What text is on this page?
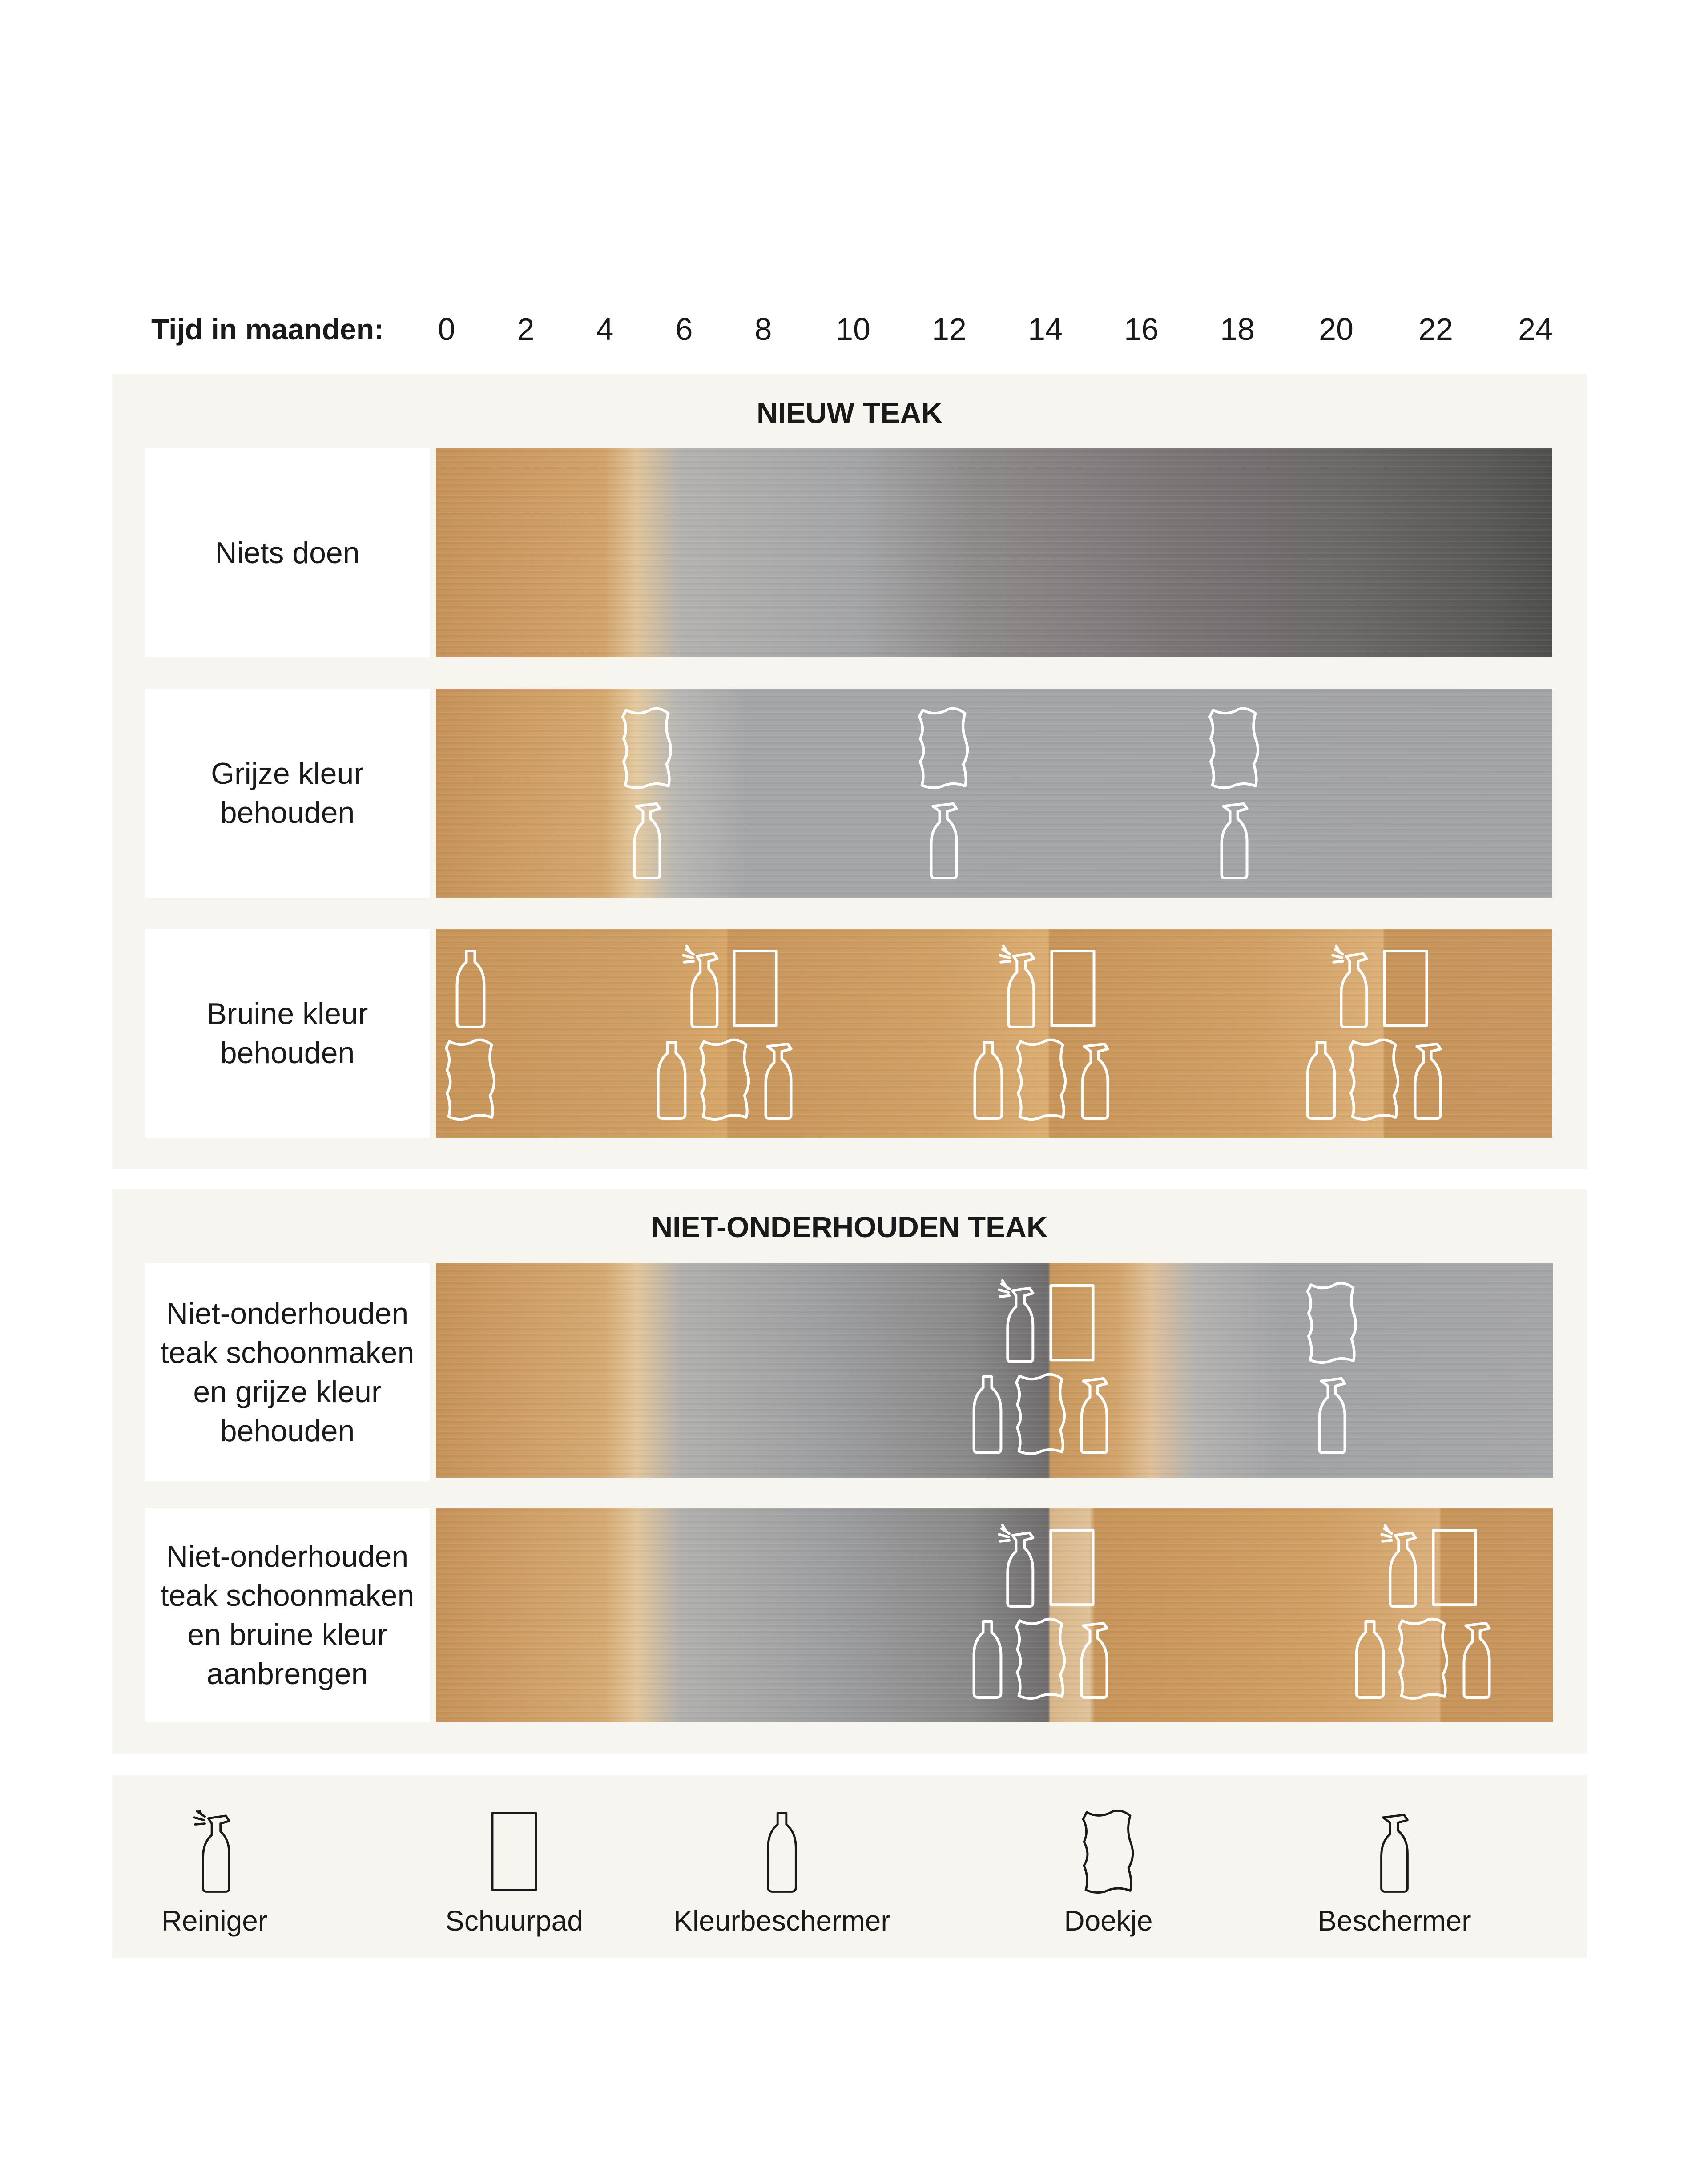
Tijd in maanden: 0 2 4 6 8 10 12 14 16 18 20 22 24
NIEUW TEAK
NIET-ONDERHOUDEN TEAK
Niets doen
Grijze kleur
behouden
Bruine kleur
behouden
Niet-onderhouden
teak schoonmaken
en grijze kleur
behouden
Niet-onderhouden
teak schoonmaken
en bruine kleur
aanbrengen
Reiniger	Schuurpad	Kleurbeschermer	Doekje	Beschermer
